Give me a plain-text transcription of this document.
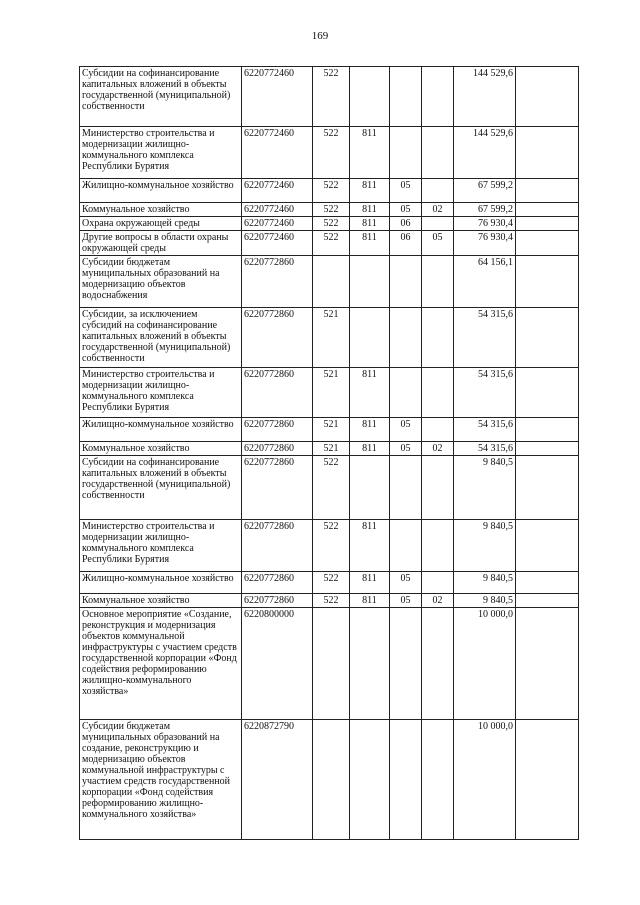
169
Субсидии на софинансирование капитальных вложений в объекты государственной (муниципальной) собственности	6220772460	522				144 529,6	
Министерство строительства и модернизации жилищно-коммунального комплекса Республики Бурятия	6220772460	522	811			144 529,6	
Жилищно-коммунальное хозяйство	6220772460	522	811	05		67 599,2	
Коммунальное хозяйство	6220772460	522	811	05	02	67 599,2	
Охрана окружающей среды	6220772460	522	811	06		76 930,4	
Другие вопросы в области охраны окружающей среды	6220772460	522	811	06	05	76 930,4	
Субсидии бюджетам муниципальных образований на модернизацию объектов водоснабжения	6220772860					64 156,1	
Субсидии, за исключением субсидий на софинансирование капитальных вложений в объекты государственной (муниципальной) собственности	6220772860	521				54 315,6	
Министерство строительства и модернизации жилищно-коммунального комплекса Республики Бурятия	6220772860	521	811			54 315,6	
Жилищно-коммунальное хозяйство	6220772860	521	811	05		54 315,6	
Коммунальное хозяйство	6220772860	521	811	05	02	54 315,6	
Субсидии на софинансирование капитальных вложений в объекты государственной (муниципальной) собственности	6220772860	522				9 840,5	
Министерство строительства и модернизации жилищно-коммунального комплекса Республики Бурятия	6220772860	522	811			9 840,5	
Жилищно-коммунальное хозяйство	6220772860	522	811	05		9 840,5	
Коммунальное хозяйство	6220772860	522	811	05	02	9 840,5	
Основное мероприятие «Создание, реконструкция и модернизация объектов коммунальной инфраструктуры с участием средств государственной корпорации «Фонд содействия реформированию жилищно-коммунального хозяйства»	6220800000					10 000,0	
Субсидии бюджетам муниципальных образований на создание, реконструкцию и модернизацию объектов коммунальной инфраструктуры с участием средств государственной корпорации «Фонд содействия реформированию жилищно-коммунального хозяйства»	6220872790					10 000,0	
